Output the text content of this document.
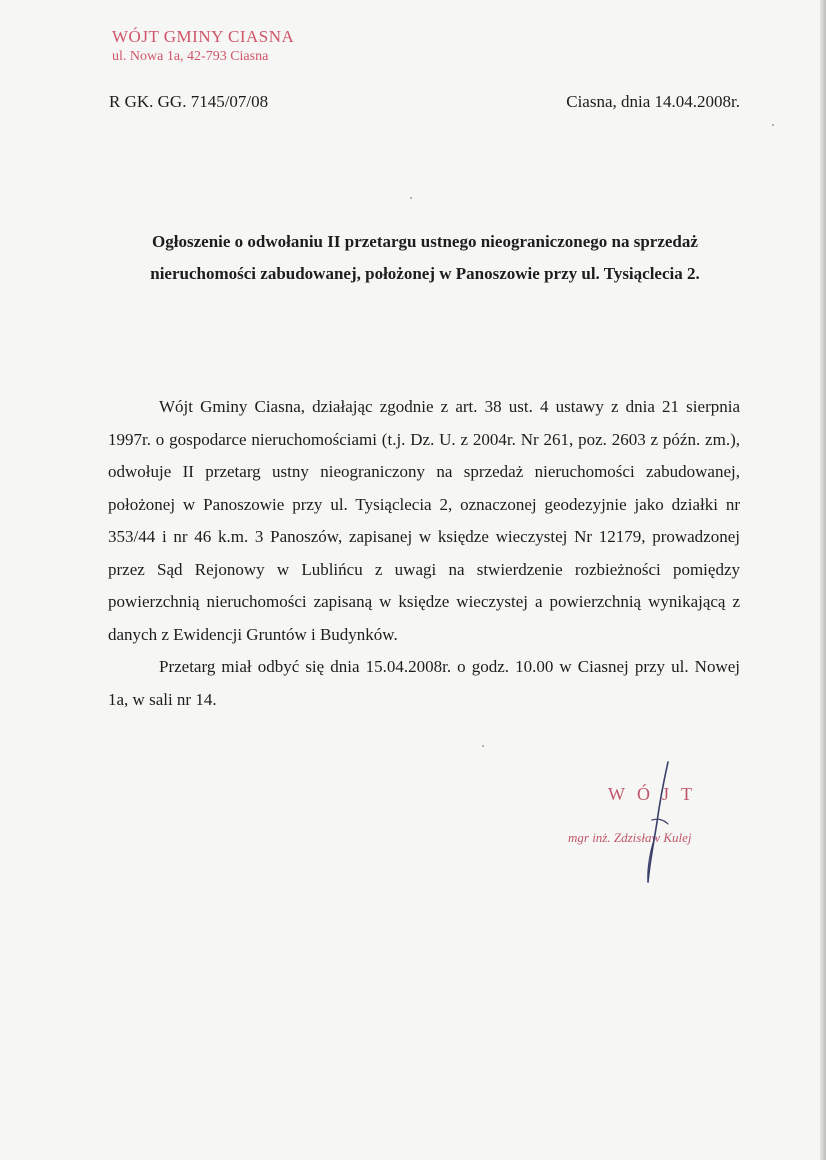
WÓJT GMINY CIASNA
ul. Nowa 1a, 42-793 Ciasna
R GK. GG. 7145/07/08	Ciasna, dnia 14.04.2008r.
Ogłoszenie o odwołaniu II przetargu ustnego nieograniczonego na sprzedaż nieruchomości zabudowanej, położonej w Panoszowie przy ul. Tysiąclecia 2.

Wójt Gminy Ciasna, działając zgodnie z art. 38 ust. 4 ustawy z dnia 21 sierpnia 1997r. o gospodarce nieruchomościami (t.j. Dz. U. z 2004r. Nr 261, poz. 2603 z późn. zm.), odwołuje II przetarg ustny nieograniczony na sprzedaż nieruchomości zabudowanej, położonej w Panoszowie przy ul. Tysiąclecia 2, oznaczonej geodezyjnie jako działki nr 353/44 i nr 46 k.m. 3 Panoszów, zapisanej w księdze wieczystej Nr 12179, prowadzonej przez Sąd Rejonowy w Lublińcu z uwagi na stwierdzenie rozbieżności pomiędzy powierzchnią nieruchomości zapisaną w księdze wieczystej a powierzchnią wynikającą z danych z Ewidencji Gruntów i Budynków.

Przetarg miał odbyć się dnia 15.04.2008r. o godz. 10.00 w Ciasnej przy ul. Nowej 1a, w sali nr 14.

WÓJT
mgr inż. Zdzisław Kulej
